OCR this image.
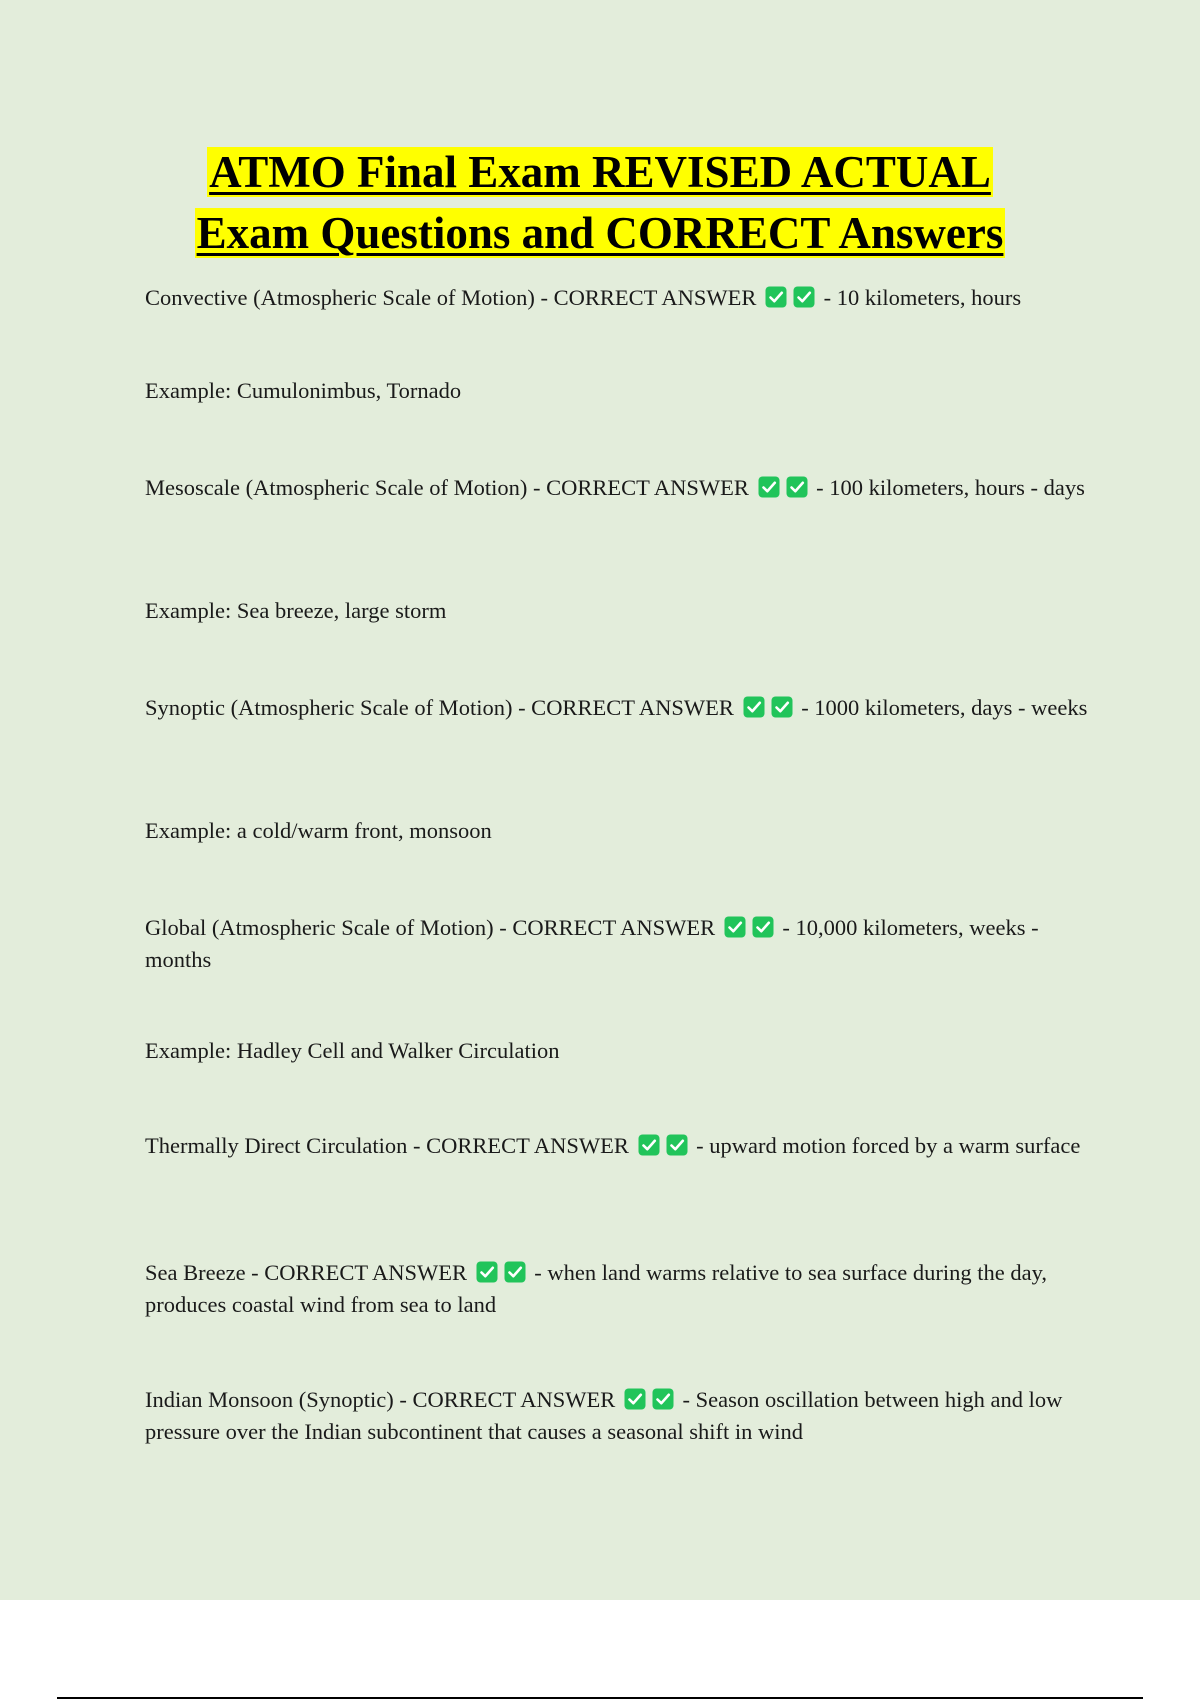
ATMO Final Exam REVISED ACTUAL
Exam Questions and CORRECT Answers
Convective (Atmospheric Scale of Motion) - CORRECT ANSWER	- 10 kilometers, hours
Example: Cumulonimbus, Tornado
Mesoscale (Atmospheric Scale of Motion) - CORRECT ANSWER	- 100 kilometers, hours - days
Example: Sea breeze, large storm
Synoptic (Atmospheric Scale of Motion) - CORRECT ANSWER	- 1000 kilometers, days - weeks
Example: a cold/warm front, monsoon
Global (Atmospheric Scale of Motion) - CORRECT ANSWER	- 10,000 kilometers, weeks - months
Example: Hadley Cell and Walker Circulation
Thermally Direct Circulation - CORRECT ANSWER	- upward motion forced by a warm surface
Sea Breeze - CORRECT ANSWER	- when land warms relative to sea surface during the day, produces coastal wind from sea to land
Indian Monsoon (Synoptic) - CORRECT ANSWER	- Season oscillation between high and low pressure over the Indian subcontinent that causes a seasonal shift in wind
